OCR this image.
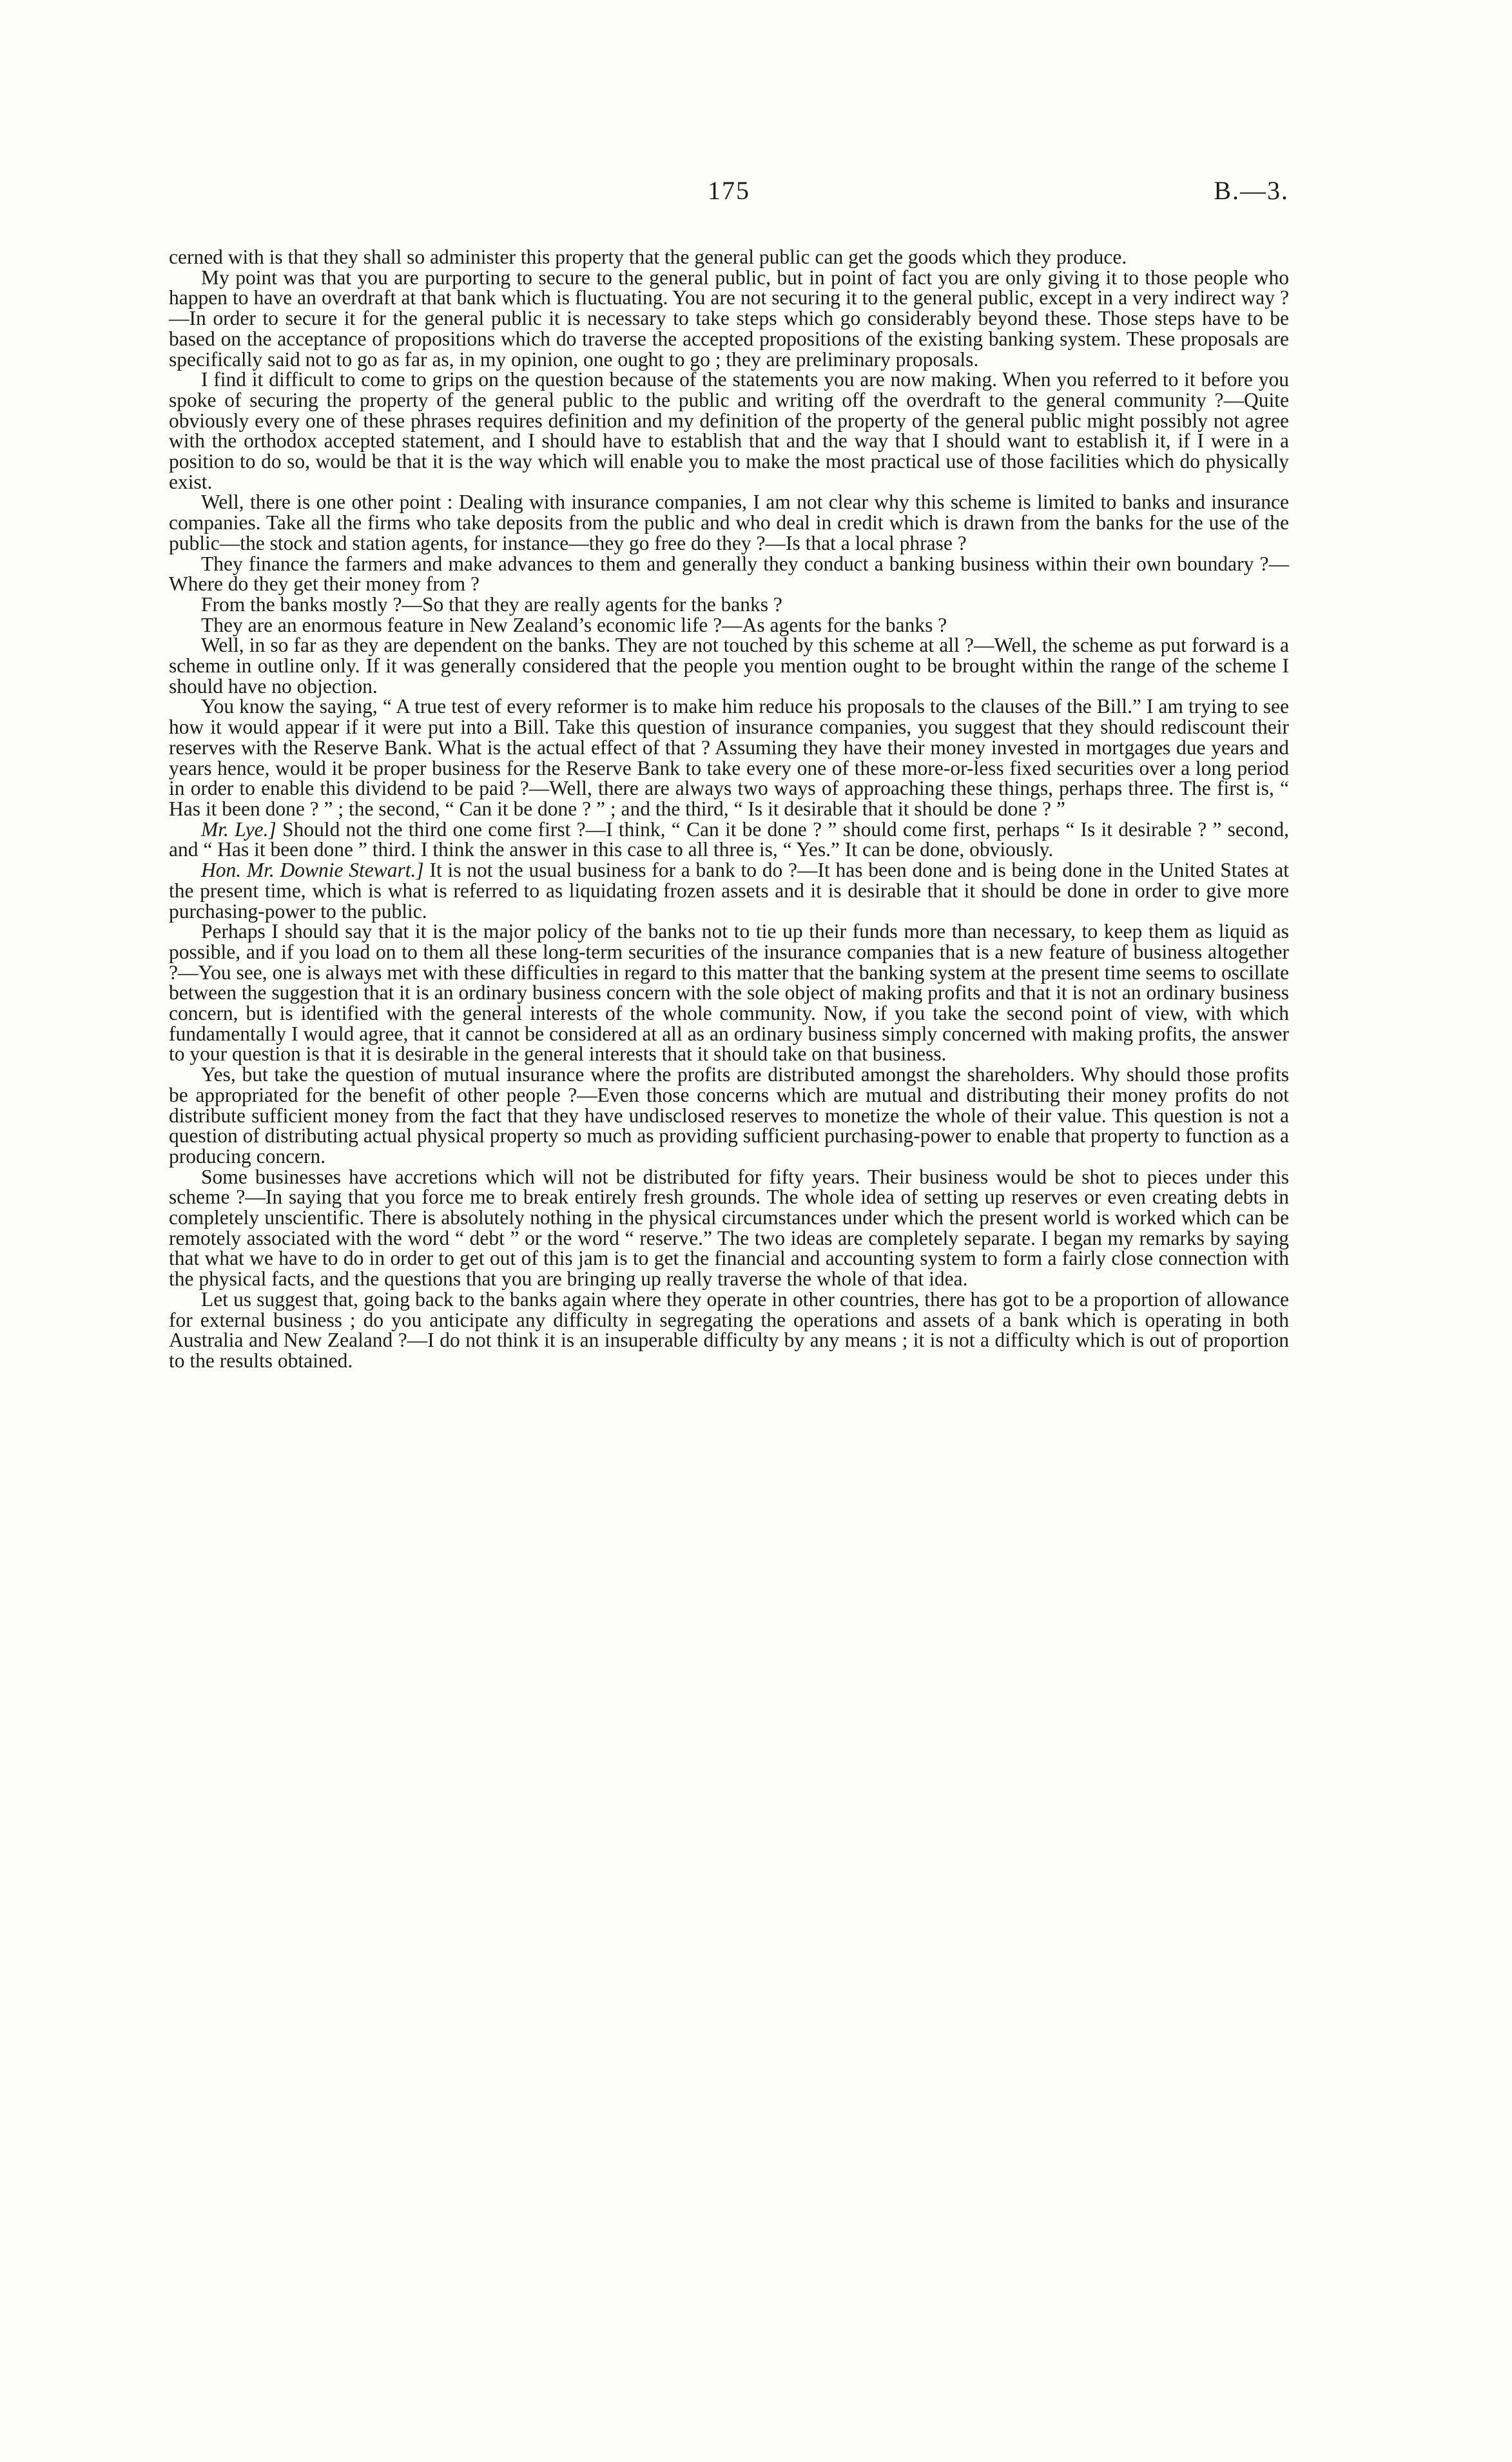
175	B.—3.

cerned with is that they shall so administer this property that the general public can get the goods which they produce.

My point was that you are purporting to secure to the general public, but in point of fact you are only giving it to those people who happen to have an overdraft at that bank which is fluctuating. You are not securing it to the general public, except in a very indirect way ?—In order to secure it for the general public it is necessary to take steps which go considerably beyond these. Those steps have to be based on the acceptance of propositions which do traverse the accepted propositions of the existing banking system. These proposals are specifically said not to go as far as, in my opinion, one ought to go ; they are preliminary proposals.

I find it difficult to come to grips on the question because of the statements you are now making. When you referred to it before you spoke of securing the property of the general public to the public and writing off the overdraft to the general community ?—Quite obviously every one of these phrases requires definition and my definition of the property of the general public might possibly not agree with the orthodox accepted statement, and I should have to establish that and the way that I should want to establish it, if I were in a position to do so, would be that it is the way which will enable you to make the most practical use of those facilities which do physically exist.

Well, there is one other point : Dealing with insurance companies, I am not clear why this scheme is limited to banks and insurance companies. Take all the firms who take deposits from the public and who deal in credit which is drawn from the banks for the use of the public—the stock and station agents, for instance—they go free do they ?—Is that a local phrase ?

They finance the farmers and make advances to them and generally they conduct a banking business within their own boundary ?—Where do they get their money from ?

From the banks mostly ?—So that they are really agents for the banks ?

They are an enormous feature in New Zealand’s economic life ?—As agents for the banks ?

Well, in so far as they are dependent on the banks. They are not touched by this scheme at all ?—Well, the scheme as put forward is a scheme in outline only. If it was generally considered that the people you mention ought to be brought within the range of the scheme I should have no objection.

You know the saying, “ A true test of every reformer is to make him reduce his proposals to the clauses of the Bill.” I am trying to see how it would appear if it were put into a Bill. Take this question of insurance companies, you suggest that they should rediscount their reserves with the Reserve Bank. What is the actual effect of that ? Assuming they have their money invested in mortgages due years and years hence, would it be proper business for the Reserve Bank to take every one of these more-or-less fixed securities over a long period in order to enable this dividend to be paid ?—Well, there are always two ways of approaching these things, perhaps three. The first is, “ Has it been done ? ” ; the second, “ Can it be done ? ” ; and the third, “ Is it desirable that it should be done ? ”

Mr. Lye.] Should not the third one come first ?—I think, “ Can it be done ? ” should come first, perhaps “ Is it desirable ? ” second, and “ Has it been done ” third. I think the answer in this case to all three is, “ Yes.” It can be done, obviously.

Hon. Mr. Downie Stewart.] It is not the usual business for a bank to do ?—It has been done and is being done in the United States at the present time, which is what is referred to as liquidating frozen assets and it is desirable that it should be done in order to give more purchasing-power to the public.

Perhaps I should say that it is the major policy of the banks not to tie up their funds more than necessary, to keep them as liquid as possible, and if you load on to them all these long-term securities of the insurance companies that is a new feature of business altogether ?—You see, one is always met with these difficulties in regard to this matter that the banking system at the present time seems to oscillate between the suggestion that it is an ordinary business concern with the sole object of making profits and that it is not an ordinary business concern, but is identified with the general interests of the whole community. Now, if you take the second point of view, with which fundamentally I would agree, that it cannot be considered at all as an ordinary business simply concerned with making profits, the answer to your question is that it is desirable in the general interests that it should take on that business.

Yes, but take the question of mutual insurance where the profits are distributed amongst the shareholders. Why should those profits be appropriated for the benefit of other people ?—Even those concerns which are mutual and distributing their money profits do not distribute sufficient money from the fact that they have undisclosed reserves to monetize the whole of their value. This question is not a question of distributing actual physical property so much as providing sufficient purchasing-power to enable that property to function as a producing concern.

Some businesses have accretions which will not be distributed for fifty years. Their business would be shot to pieces under this scheme ?—In saying that you force me to break entirely fresh grounds. The whole idea of setting up reserves or even creating debts in completely unscientific. There is absolutely nothing in the physical circumstances under which the present world is worked which can be remotely associated with the word “ debt ” or the word “ reserve.” The two ideas are completely separate. I began my remarks by saying that what we have to do in order to get out of this jam is to get the financial and accounting system to form a fairly close connection with the physical facts, and the questions that you are bringing up really traverse the whole of that idea.

Let us suggest that, going back to the banks again where they operate in other countries, there has got to be a proportion of allowance for external business ; do you anticipate any difficulty in segregating the operations and assets of a bank which is operating in both Australia and New Zealand ?—I do not think it is an insuperable difficulty by any means ; it is not a difficulty which is out of proportion to the results obtained.
